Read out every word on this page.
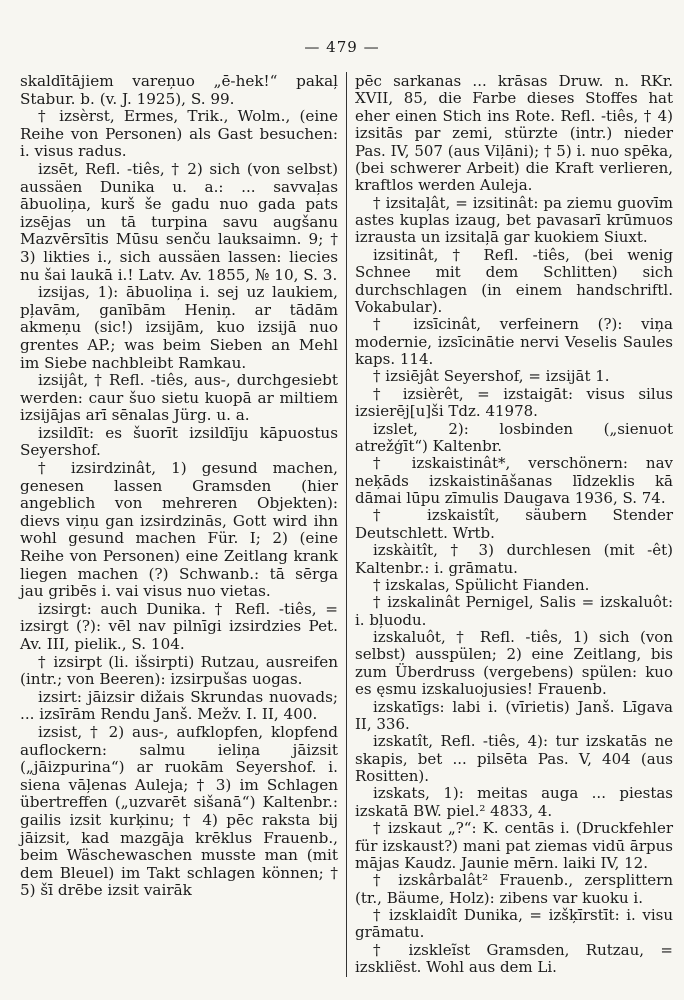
— 479 —

skaldītājiem vareņuo „ē-hek!“ pakaļ Stabur. b. (v. J. 1925), S. 99.

† izsèrst, Ermes, Trik., Wolm., (eine Reihe von Personen) als Gast besuchen: i. visus radus.

izsēt, Refl. -tiês, † 2) sich (von selbst) aussäen Dunika u. a.: ... savvaļas ābuoliņa, kurš še gadu nuo gada pats izsējas un tā turpina savu augšanu Mazvērsītis Mūsu senču lauksaimn. 9; † 3) likties i., sich aussäen lassen: liecies nu šai laukā i.! Latv. Av. 1855, № 10, S. 3.

izsijas, 1): ābuoliņa i. sej uz laukiem, pļavām, ganībām Heniņ. ar tādām akmeņu (sic!) izsijām, kuo izsijā nuo grentes AP.; was beim Sieben an Mehl im Siebe nachbleibt Ramkau.

izsijât, † Refl. -tiês, aus-, durchgesiebt werden: caur šuo sietu kuopā ar miltiem izsijājas arī sēnalas Jürg. u. a.

izsildīt: es šuorīt izsildīju kāpuostus Seyershof.

† izsirdzinât, 1) gesund machen, genesen lassen Gramsden (hier angeblich von mehreren Objekten): dievs viņu gan izsirdzinās, Gott wird ihn wohl gesund machen Für. I; 2) (eine Reihe von Personen) eine Zeitlang krank liegen machen (?) Schwanb.: tā sērga jau gribēs i. vai visus nuo vietas.

izsirgt: auch Dunika. † Refl. -tiês, = izsirgt (?): vēl nav pilnīgi izsirdzies Pet. Av. III, pielik., S. 104.

† izsirpt (li. išsirpti) Rutzau, ausreifen (intr.; von Beeren): izsirpušas uogas.

izsirt: jāizsir dižais Skrundas nuovads; ... izsīrām Rendu Janš. Mežv. I. II, 400.

izsist, † 2) aus-, aufklopfen, klopfend auflockern: salmu ieliņa jāizsit („jāizpurina“) ar ruokām Seyershof. i. siena vāļenas Auleja; † 3) im Schlagen übertreffen („uzvarēt sišanā“) Kaltenbr.: gailis izsit kurķinu; † 4) pēc raksta bij jāizsit, kad mazgāja krēklus Frauenb., beim Wäschewaschen musste man (mit dem Bleuel) im Takt schlagen können; † 5) šī drēbe izsit vairāk

pēc sarkanas ... krāsas Druw. n. RKr. XVII, 85, die Farbe dieses Stoffes hat eher einen Stich ins Rote. Refl. -tiês, † 4) izsitās par zemi, stürzte (intr.) nieder Pas. IV, 507 (aus Viļāni); † 5) i. nuo spēka, (bei schwerer Arbeit) die Kraft verlieren, kraftlos werden Auleja.

† izsitaļât, = izsitinât: pa ziemu guovīm astes kuplas izaug, bet pavasarī krūmuos izrausta un izsitaļā gar kuokiem Siuxt.

izsitinât, † Refl. -tiês, (bei wenig Schnee mit dem Schlitten) sich durchschlagen (in einem handschriftl. Vokabular).

† izsīcinât, verfeinern (?): viņa modernie, izsīcinātie nervi Veselis Saules kaps. 114.

† izsiējât Seyershof, = izsijāt 1.

† izsièrêt, = izstaigāt: visus silus izsierēj[u]ši Tdz. 41978.

izslet, 2): losbinden („sienuot atrežģīt“) Kaltenbr.

† izskaistinât*, verschönern: nav neķāds izskaistināšanas līdzeklis kā dāmai lūpu zīmulis Daugava 1936, S. 74.

† izskaistît, säubern Stender Deutschlett. Wrtb.

izskàitît, † 3) durchlesen (mit -êt) Kaltenbr.: i. grāmatu.

† izskalas, Spülicht Fianden.

† izskalinât Pernigel, Salis = izskaluôt: i. bļuodu.

izskaluôt, † Refl. -tiês, 1) sich (von selbst) ausspülen; 2) eine Zeitlang, bis zum Überdruss (vergebens) spülen: kuo es ęsmu izskaluojusies! Frauenb.

izskatīgs: labi i. (vīrietis) Janš. Līgava II, 336.

izskatît, Refl. -tiês, 4): tur izskatās ne skapis, bet ... pilsēta Pas. V, 404 (aus Rositten).

izskats, 1): meitas auga ... piestas izskatā BW. piel.² 4833, 4.

† izskaut „?“: K. centās i. (Druckfehler für izskaust?) mani pat ziemas vidū ārpus mājas Kaudz. Jaunie mērn. laiki IV, 12.

† izskârbalât² Frauenb., zersplittern (tr., Bäume, Holz): zibens var kuoku i.

† izsklaidît Dunika, = izšķīrstīt: i. visu grāmatu.

† izskleĩst Gramsden, Rutzau, = izskliẽst. Wohl aus dem Li.
